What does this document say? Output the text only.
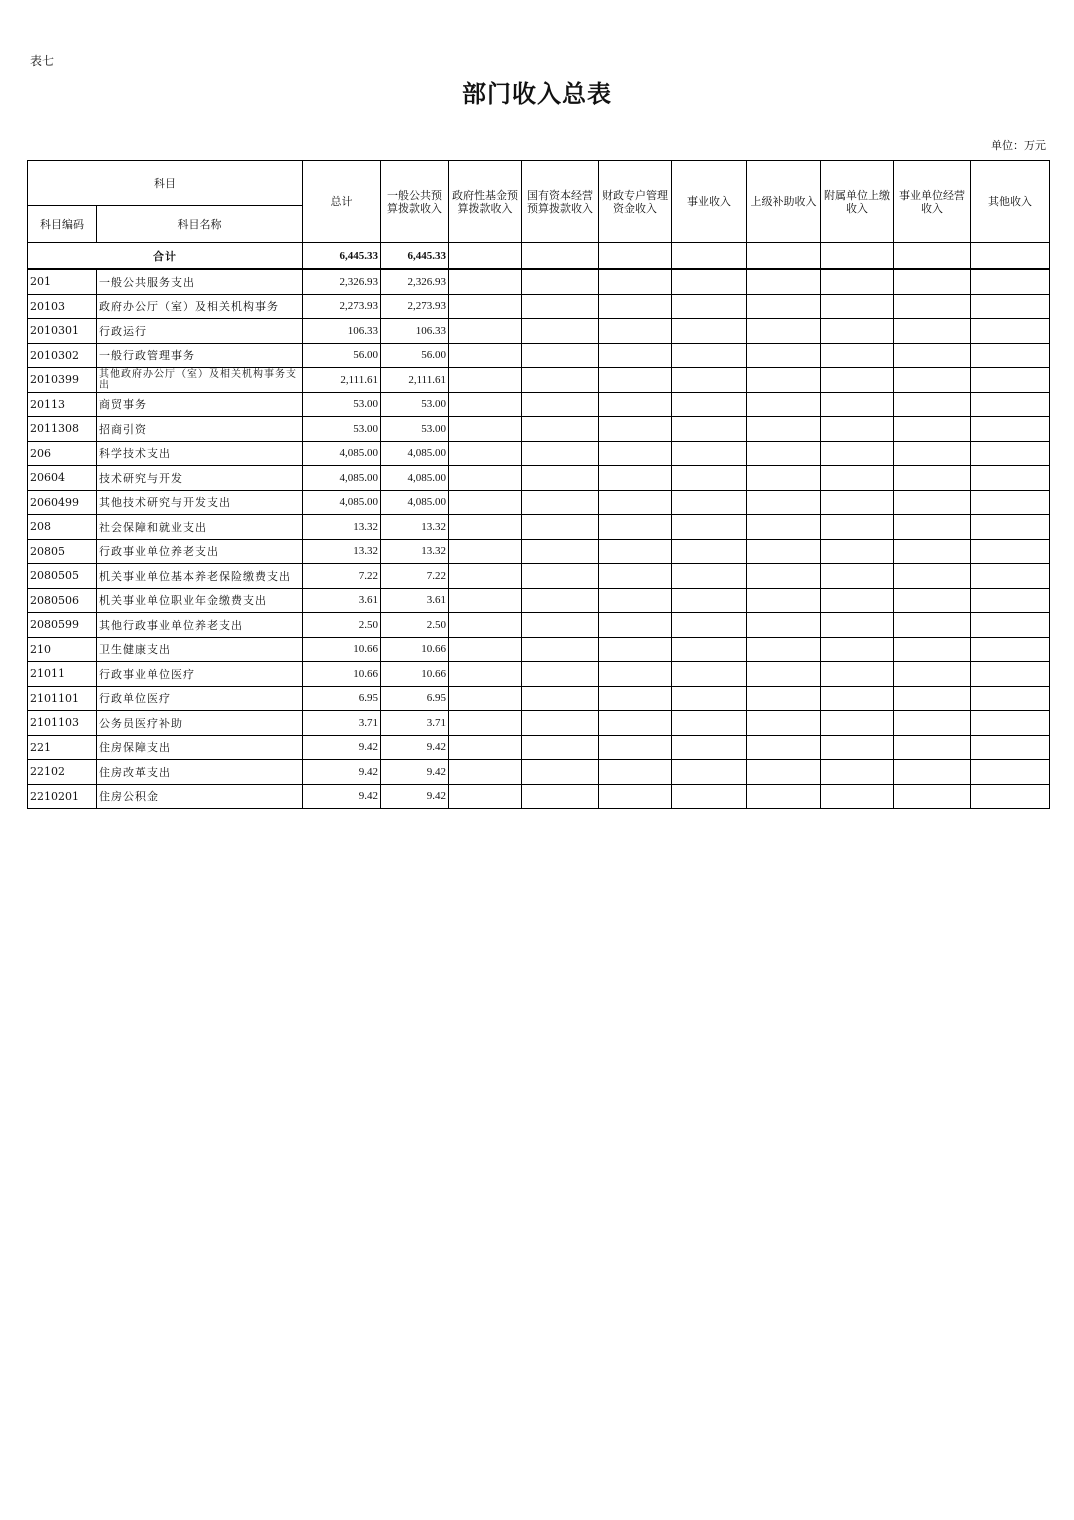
表七
部门收入总表
单位：万元
科目		总计	一般公共预算拨款收入	政府性基金预算拨款收入	国有资本经营预算拨款收入	财政专户管理资金收入	事业收入	上级补助收入	附属单位上缴收入	事业单位经营收入	其他收入
科目编码	科目名称										
合计		6,445.33	6,445.33								
201	一般公共服务支出	2,326.93	2,326.93								
20103	政府办公厅（室）及相关机构事务	2,273.93	2,273.93								
2010301	行政运行	106.33	106.33								
2010302	一般行政管理事务	56.00	56.00								
2010399	其他政府办公厅（室）及相关机构事务支出	2,111.61	2,111.61								
20113	商贸事务	53.00	53.00								
2011308	招商引资	53.00	53.00								
206	科学技术支出	4,085.00	4,085.00								
20604	技术研究与开发	4,085.00	4,085.00								
2060499	其他技术研究与开发支出	4,085.00	4,085.00								
208	社会保障和就业支出	13.32	13.32								
20805	行政事业单位养老支出	13.32	13.32								
2080505	机关事业单位基本养老保险缴费支出	7.22	7.22								
2080506	机关事业单位职业年金缴费支出	3.61	3.61								
2080599	其他行政事业单位养老支出	2.50	2.50								
210	卫生健康支出	10.66	10.66								
21011	行政事业单位医疗	10.66	10.66								
2101101	行政单位医疗	6.95	6.95								
2101103	公务员医疗补助	3.71	3.71								
221	住房保障支出	9.42	9.42								
22102	住房改革支出	9.42	9.42								
2210201	住房公积金	9.42	9.42								
